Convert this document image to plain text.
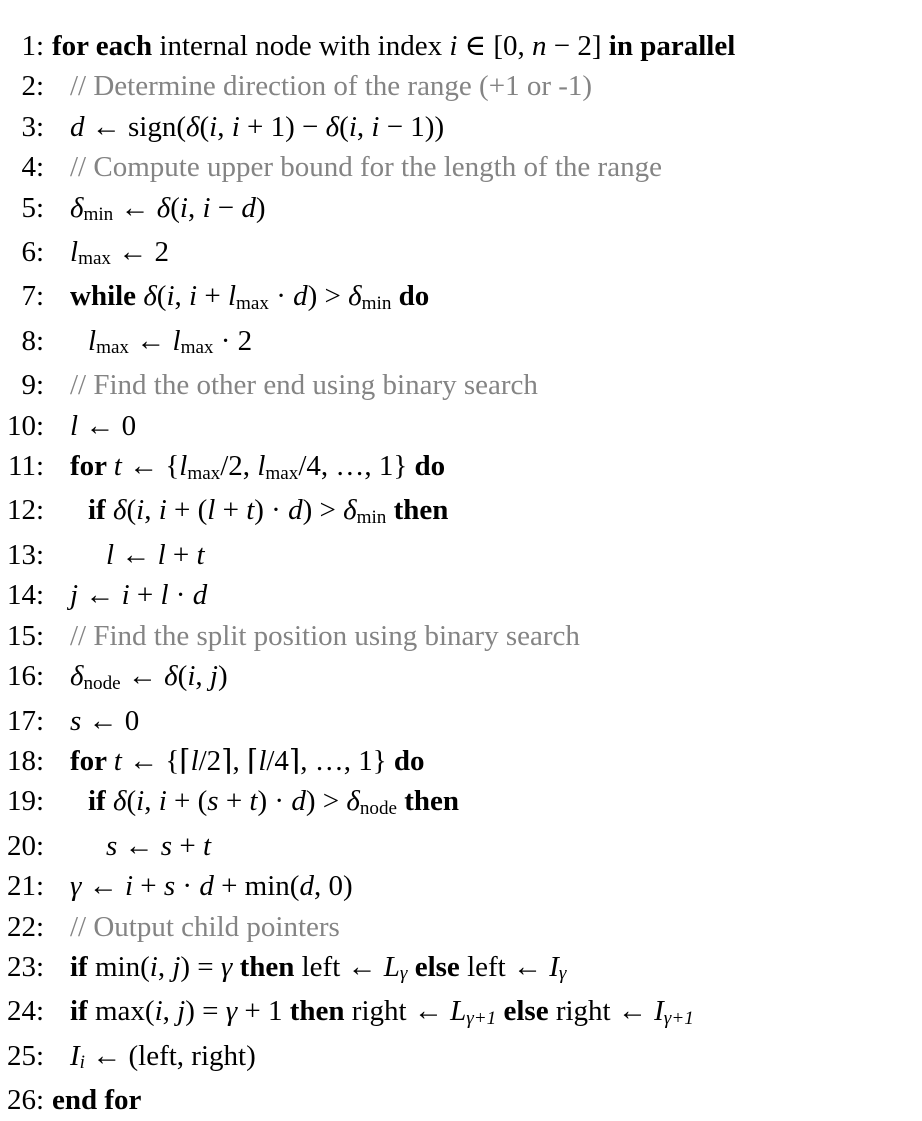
1: for each internal node with index i ∈ [0, n − 2] in parallel
2: // Determine direction of the range (+1 or -1)
3: d ← sign(δ(i, i + 1) − δ(i, i − 1))
4: // Compute upper bound for the length of the range
5: δmin ← δ(i, i − d)
6: lmax ← 2
7: while δ(i, i + lmax · d) > δmin do
8:	lmax ← lmax · 2
9: // Find the other end using binary search
10: l ← 0
11: for t ← {lmax/2, lmax/4, …, 1} do
12:	if δ(i, i + (l + t) · d) > δmin then
13:	l ← l + t
14: j ← i + l · d
15: // Find the split position using binary search
16: δnode ← δ(i, j)
17: s ← 0
18: for t ← {⌈l/2⌉, ⌈l/4⌉, …, 1} do
19:	if δ(i, i + (s + t) · d) > δnode then
20:	s ← s + t
21: γ ← i + s · d + min(d, 0)
22: // Output child pointers
23: if min(i, j) = γ then left ← Lγ else left ← Iγ
24: if max(i, j) = γ + 1 then right ← Lγ+1 else right ← Iγ+1
25: Ii ← (left, right)
26: end for
